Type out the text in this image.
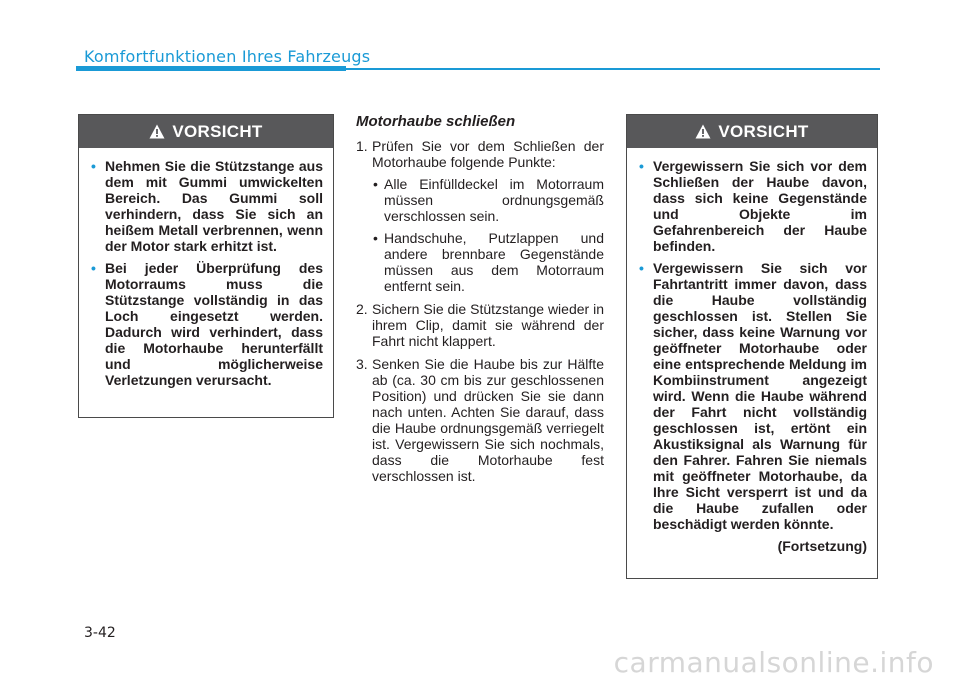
Komfortfunktionen Ihres Fahrzeugs
VORSICHT
• Nehmen Sie die Stützstange aus dem mit Gummi umwickelten Bereich. Das Gummi soll verhindern, dass Sie sich an heißem Metall verbrennen, wenn der Motor stark erhitzt ist.
• Bei jeder Überprüfung des Motorraums muss die Stützstange vollständig in das Loch eingesetzt werden. Dadurch wird verhindert, dass die Motorhaube herunterfällt und möglicherweise Verletzungen verursacht.
Motorhaube schließen
1. Prüfen Sie vor dem Schließen der Motorhaube folgende Punkte:
• Alle Einfülldeckel im Motorraum müssen ordnungsgemäß verschlossen sein.
• Handschuhe, Putzlappen und andere brennbare Gegenstände müssen aus dem Motorraum entfernt sein.
2. Sichern Sie die Stützstange wieder in ihrem Clip, damit sie während der Fahrt nicht klappert.
3. Senken Sie die Haube bis zur Hälfte ab (ca. 30 cm bis zur geschlossenen Position) und drücken Sie sie dann nach unten. Achten Sie darauf, dass die Haube ordnungsgemäß verriegelt ist. Vergewissern Sie sich nochmals, dass die Motorhaube fest verschlossen ist.
VORSICHT
• Vergewissern Sie sich vor dem Schließen der Haube davon, dass sich keine Gegenstände und Objekte im Gefahrenbereich der Haube befinden.
• Vergewissern Sie sich vor Fahrtantritt immer davon, dass die Haube vollständig geschlossen ist. Stellen Sie sicher, dass keine Warnung vor geöffneter Motorhaube oder eine entsprechende Meldung im Kombiinstrument angezeigt wird. Wenn die Haube während der Fahrt nicht vollständig geschlossen ist, ertönt ein Akustiksignal als Warnung für den Fahrer. Fahren Sie niemals mit geöffneter Motorhaube, da Ihre Sicht versperrt ist und da die Haube zufallen oder beschädigt werden könnte.
(Fortsetzung)
3-42
carmanualsonline.info
